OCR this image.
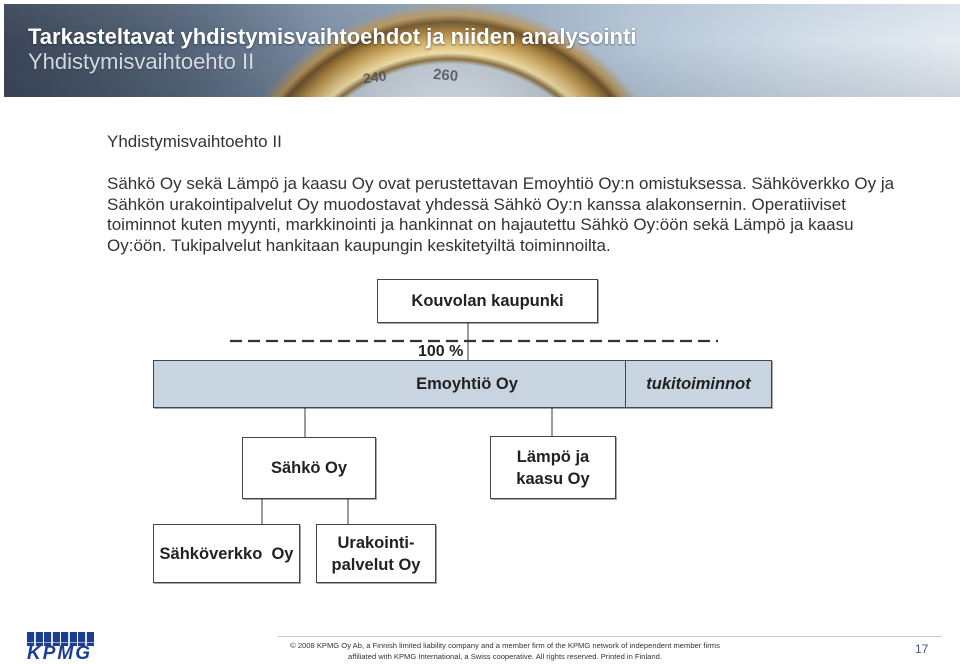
240	260
Tarkasteltavat yhdistymisvaihtoehdot ja niiden analysointi
Yhdistymisvaihtoehto II
Yhdistymisvaihtoehto II
Sähkö Oy sekä Lämpö ja kaasu Oy ovat perustettavan Emoyhtiö Oy:n omistuksessa. Sähköverkko Oy ja
Sähkön urakointipalvelut Oy muodostavat yhdessä Sähkö Oy:n kanssa alakonsernin. Operatiiviset
toiminnot kuten myynti, markkinointi ja hankinnat on hajautettu Sähkö Oy:öön sekä Lämpö ja kaasu
Oy:öön. Tukipalvelut hankitaan kaupungin keskitetyiltä toiminnoilta.
Kouvolan kaupunki
100 %
Emoyhtiö Oy	tukitoiminnot
Sähkö Oy
Lämpö ja
kaasu Oy
Sähköverkko  Oy
Urakointi-
palvelut Oy
KPMG	© 2008 KPMG Oy Ab, a Finnish limited liability company and a member firm of the KPMG network of independent member firms
affiliated with KPMG International, a Swiss cooperative. All rights reserved. Printed in Finland.
17
